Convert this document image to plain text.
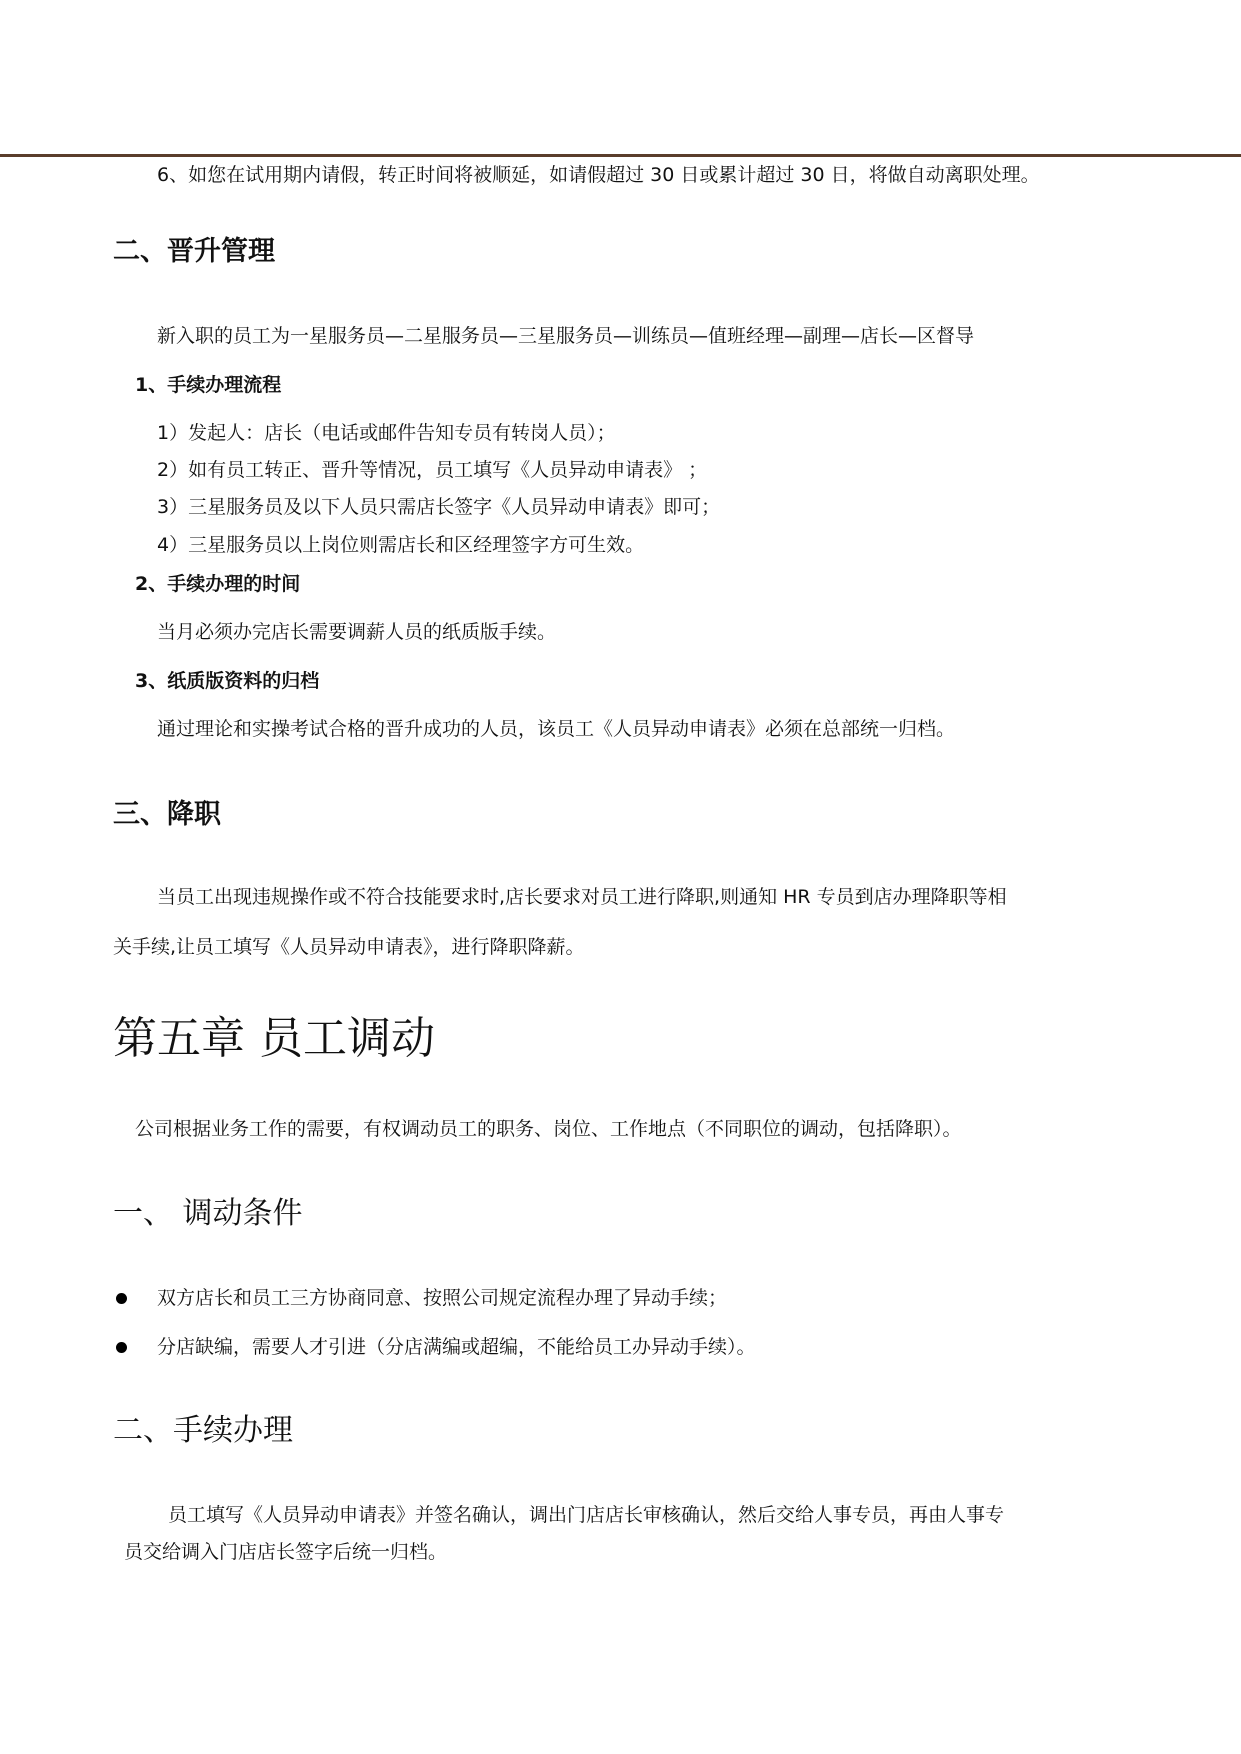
6、如您在试用期内请假，转正时间将被顺延，如请假超过 30 日或累计超过 30 日，将做自动离职处理。

二、晋升管理

新入职的员工为一星服务员—二星服务员—三星服务员—训练员—值班经理—副理—店长—区督导

1、手续办理流程

1）发起人：店长（电话或邮件告知专员有转岗人员）；

2）如有员工转正、晋升等情况，员工填写《人员异动申请表》 ；

3）三星服务员及以下人员只需店长签字《人员异动申请表》即可；

4）三星服务员以上岗位则需店长和区经理签字方可生效。

2、手续办理的时间

当月必须办完店长需要调薪人员的纸质版手续。

3、纸质版资料的归档

通过理论和实操考试合格的晋升成功的人员，该员工《人员异动申请表》必须在总部统一归档。

三、降职

当员工出现违规操作或不符合技能要求时,店长要求对员工进行降职,则通知 HR 专员到店办理降职等相

关手续,让员工填写《人员异动申请表》，进行降职降薪。

第五章 员工调动

公司根据业务工作的需要，有权调动员工的职务、岗位、工作地点（不同职位的调动，包括降职）。

一、 调动条件

双方店长和员工三方协商同意、按照公司规定流程办理了异动手续；

分店缺编，需要人才引进（分店满编或超编，不能给员工办异动手续）。

二、手续办理

员工填写《人员异动申请表》并签名确认，调出门店店长审核确认，然后交给人事专员，再由人事专

员交给调入门店店长签字后统一归档。
